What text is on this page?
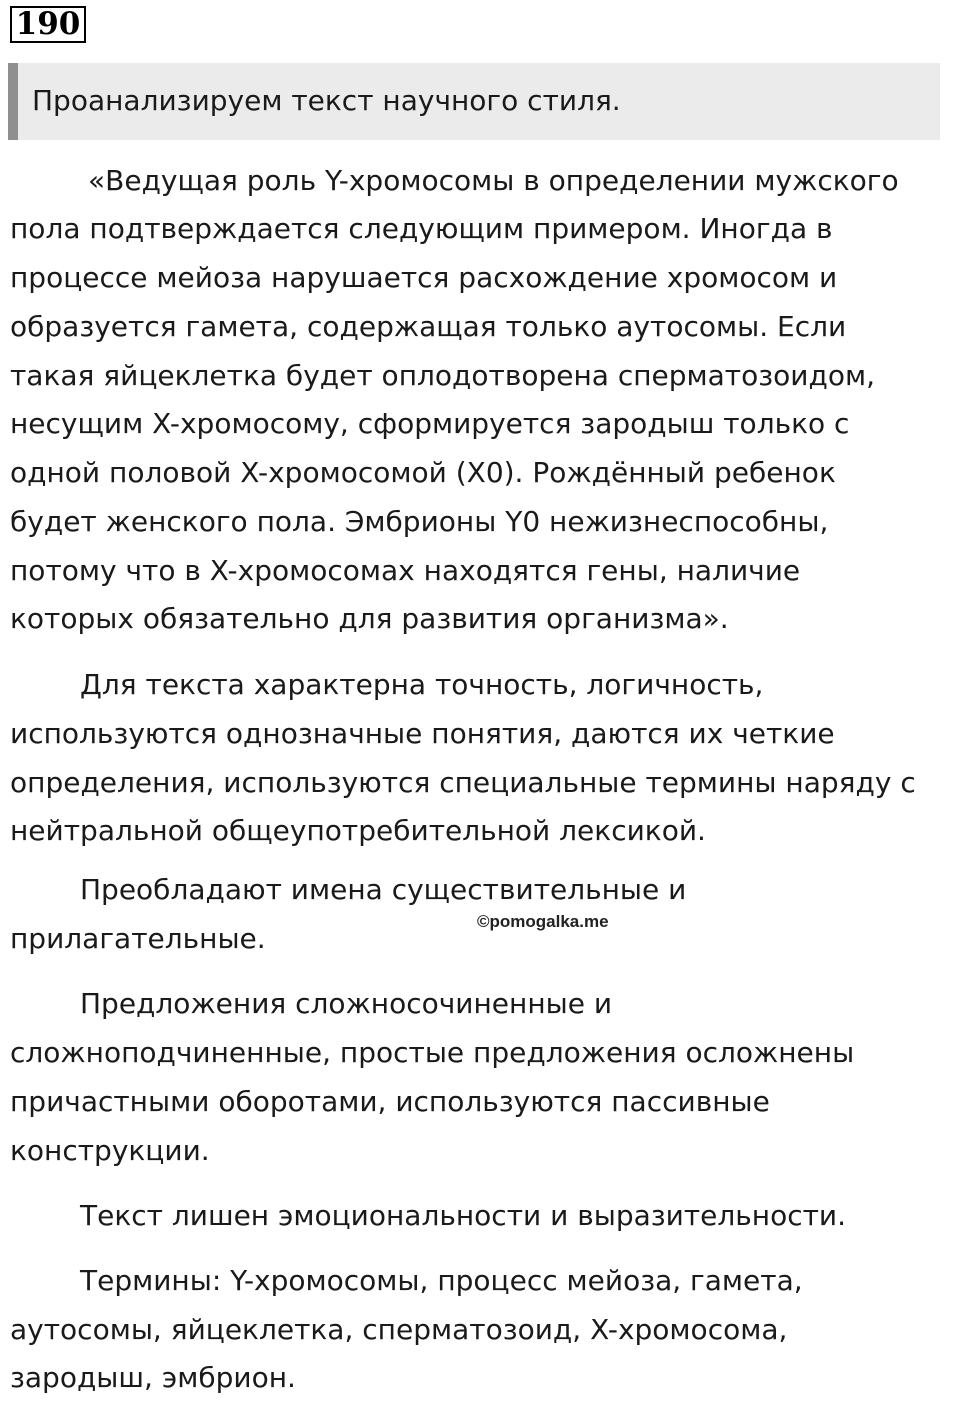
190
Проанализируем текст научного стиля.
«Ведущая роль Y-хромосомы в определении мужского
пола подтверждается следующим примером. Иногда в
процессе мейоза нарушается расхождение хромосом и
образуется гамета, содержащая только аутосомы. Если
такая яйцеклетка будет оплодотворена сперматозоидом,
несущим X-хромосому, сформируется зародыш только с
одной половой X-хромосомой (X0). Рождённый ребенок
будет женского пола. Эмбрионы Y0 нежизнеспособны,
потому что в X-хромосомах находятся гены, наличие
которых обязательно для развития организма».
Для текста характерна точность, логичность,
используются однозначные понятия, даются их четкие
определения, используются специальные термины наряду с
нейтральной общеупотребительной лексикой.
Преобладают имена существительные и
прилагательные.
©pomogalka.me
Предложения сложносочиненные и
сложноподчиненные, простые предложения осложнены
причастными оборотами, используются пассивные
конструкции.
Текст лишен эмоциональности и выразительности.
Термины: Y-хромосомы, процесс мейоза, гамета,
аутосомы, яйцеклетка, сперматозоид, X-хромосома,
зародыш, эмбрион.
